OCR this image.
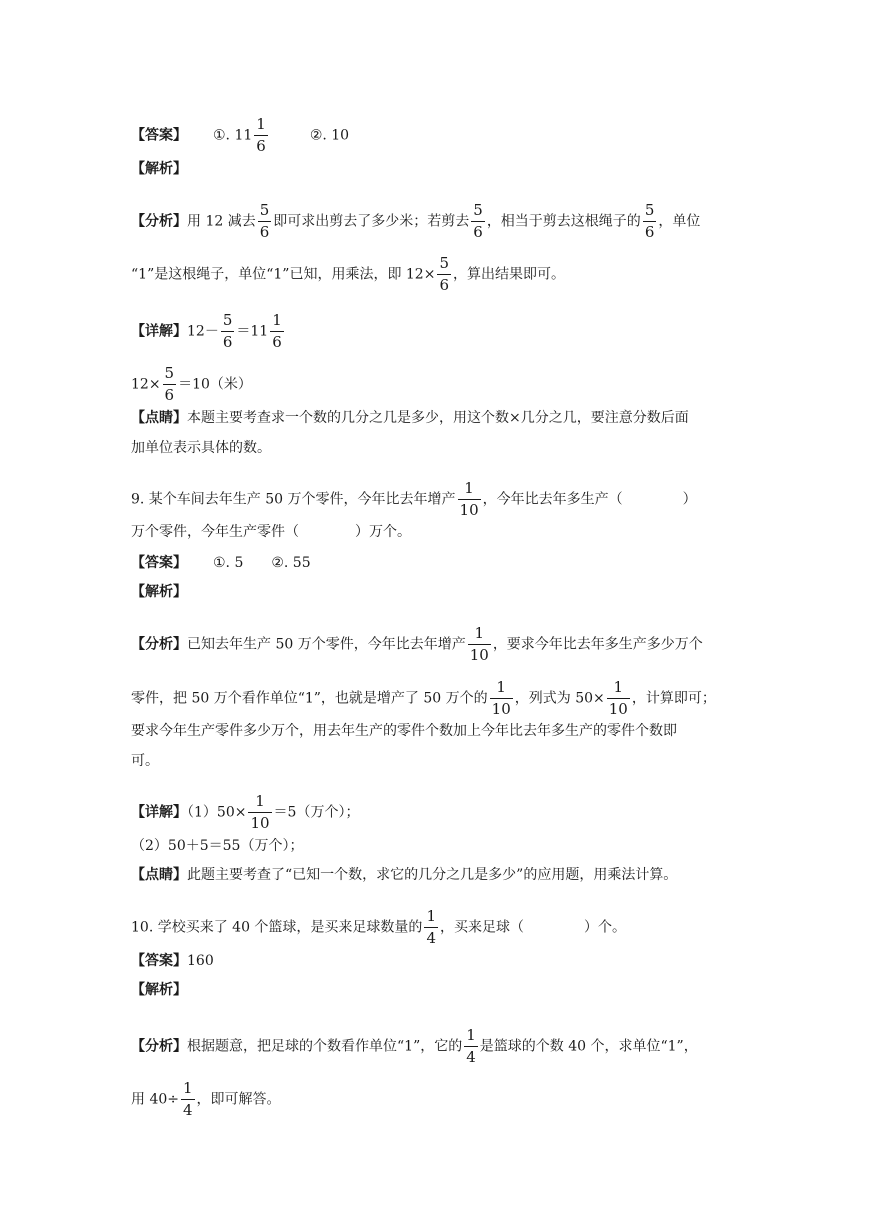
【答案】 ①. $11 \frac{1}{6}$	②. 10
【解析】
【分析】用 12 减去 $\frac{5}{6}$ 即可求出剪去了多少米；若剪去 $\frac{5}{6}$ ，相当于剪去这根绳子的 $\frac{5}{6}$ ，单位
“1”是这根绳子，单位“1”已知，用乘法，即 $12\times \frac{5}{6}$ ，算出结果即可。
【详解】$12- \frac{5}{6} =11 \frac{1}{6}$
$12\times \frac{5}{6} =10$（米）
【点睛】本题主要考查求一个数的几分之几是多少，用这个数×几分之几，要注意分数后面
加单位表示具体的数。
9. 某个车间去年生产 50 万个零件，今年比去年增产 $\frac{1}{10}$ ，今年比去年多生产（	）
万个零件，今年生产零件（	）万个。
【答案】 ①. 5 ②. 55
【解析】
【分析】已知去年生产 50 万个零件，今年比去年增产 $\frac{1}{10}$ ，要求今年比去年多生产多少万个
零件，把 50 万个看作单位“1”，也就是增产了 50 万个的 $\frac{1}{10}$ ，列式为 $50\times \frac{1}{10}$ ，计算即可；
要求今年生产零件多少万个，用去年生产的零件个数加上今年比去年多生产的零件个数即
可。
【详解】$(1)50\times \frac{1}{10} =5$（万个）；
（2）50＋5＝55（万个）；
【点睛】此题主要考查了“已知一个数，求它的几分之几是多少”的应用题，用乘法计算。
10. 学校买来了 40 个篮球，是买来足球数量的 $\frac{1}{4}$ ，买来足球（	）个。
【答案】160
【解析】
【分析】根据题意，把足球的个数看作单位“1”，它的 $\frac{1}{4}$ 是篮球的个数 40 个，求单位“1”，
用 $40\div \frac{1}{4}$ ，即可解答。
